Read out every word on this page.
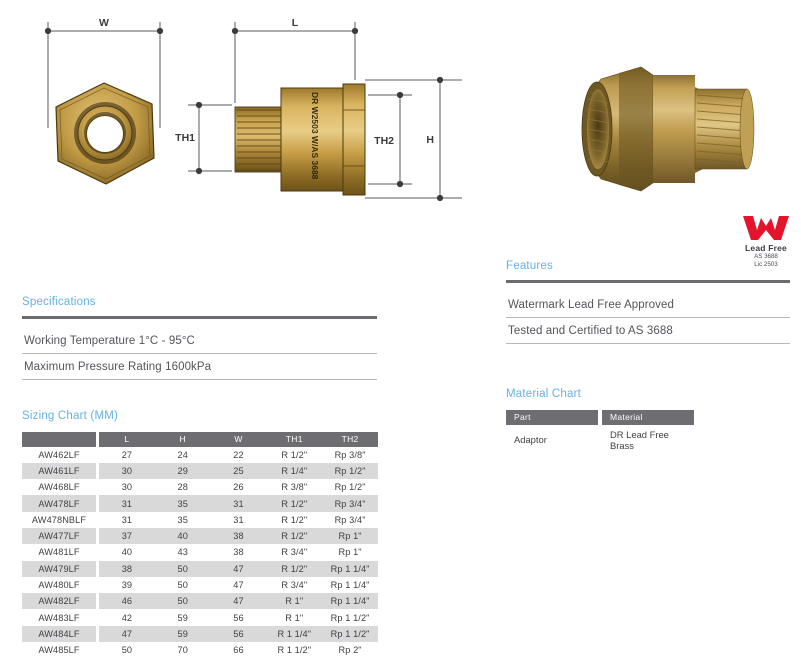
W
TH1
L
DR W2503 W/AS 3688	TH2	H
Lead Free
AS 3688
Lic 2503
Specifications
Working Temperature 1°C - 95°C
Maximum Pressure Rating 1600kPa
Sizing Chart (MM)
		L	H	W	TH1	TH2
AW462LF		27	24	22	R 1/2"	Rp 3/8"
AW461LF		30	29	25	R 1/4"	Rp 1/2"
AW468LF		30	28	26	R 3/8"	Rp 1/2"
AW478LF		31	35	31	R 1/2"	Rp 3/4"
AW478NBLF		31	35	31	R 1/2"	Rp 3/4"
AW477LF		37	40	38	R 1/2"	Rp 1"
AW481LF		40	43	38	R 3/4"	Rp 1"
AW479LF		38	50	47	R 1/2"	Rp 1 1/4"
AW480LF		39	50	47	R 3/4"	Rp 1 1/4"
AW482LF		46	50	47	R 1"	Rp 1 1/4"
AW483LF		42	59	56	R 1"	Rp 1 1/2"
AW484LF		47	59	56	R 1 1/4"	Rp 1 1/2"
AW485LF		50	70	66	R 1 1/2"	Rp 2"
Features
Watermark Lead Free Approved
Tested and Certified to AS 3688
Material Chart
Part		Material
Adaptor		DR Lead Free Brass
